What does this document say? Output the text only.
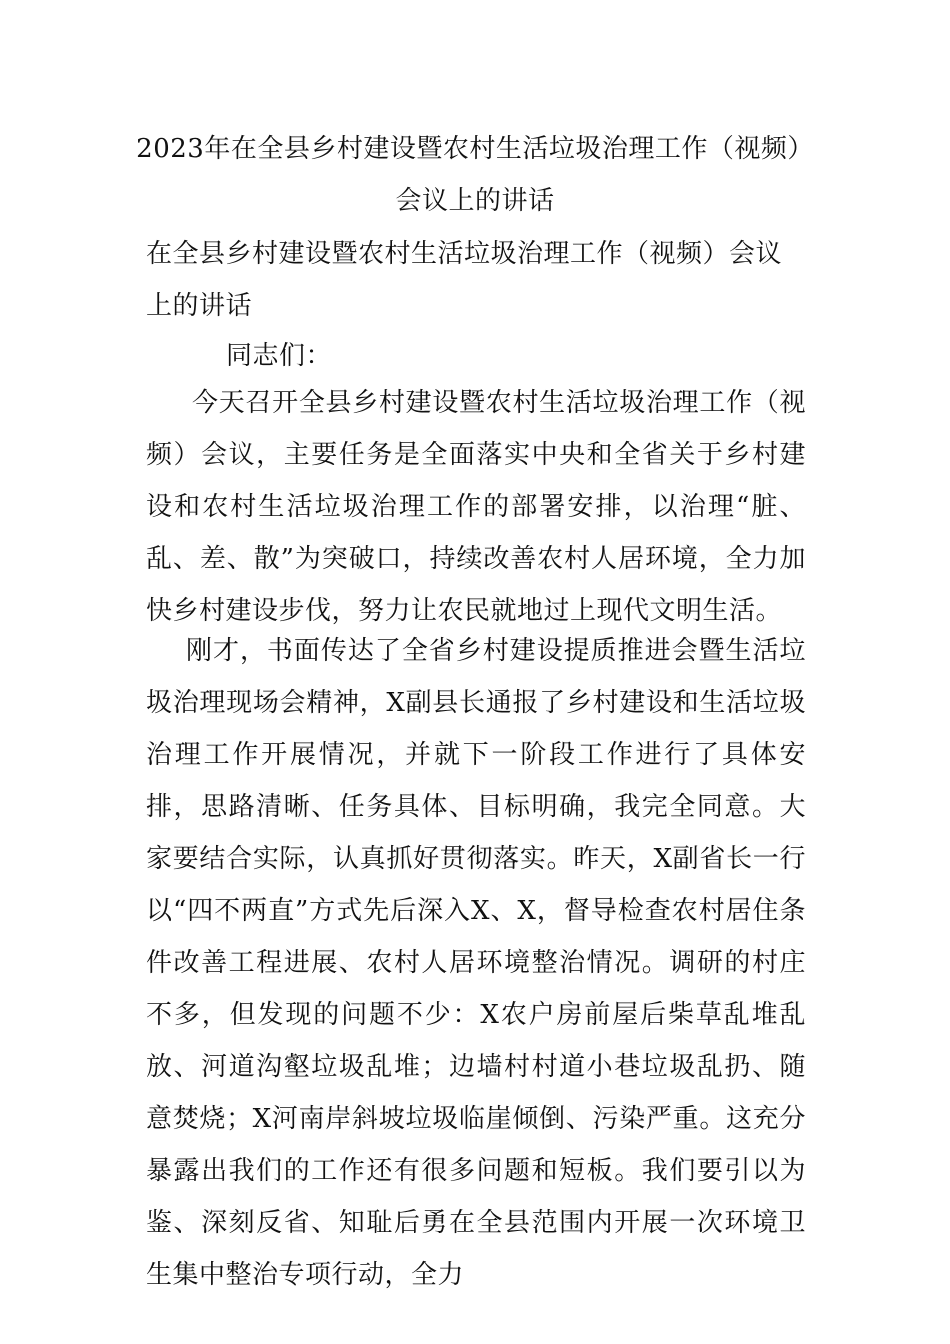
2023年在全县乡村建设暨农村生活垃圾治理工作（视频）会议上的讲话
在全县乡村建设暨农村生活垃圾治理工作（视频）会议上的讲话
同志们：
今天召开全县乡村建设暨农村生活垃圾治理工作（视频）会议，主要任务是全面落实中央和全省关于乡村建设和农村生活垃圾治理工作的部署安排，以治理“脏、乱、差、散”为突破口，持续改善农村人居环境，全力加快乡村建设步伐，努力让农民就地过上现代文明生活。
刚才，书面传达了全省乡村建设提质推进会暨生活垃圾治理现场会精神，X副县长通报了乡村建设和生活垃圾治理工作开展情况，并就下一阶段工作进行了具体安排，思路清晰、任务具体、目标明确，我完全同意。大家要结合实际，认真抓好贯彻落实。昨天，X副省长一行以“四不两直”方式先后深入X、X，督导检查农村居住条件改善工程进展、农村人居环境整治情况。调研的村庄不多，但发现的问题不少：X农户房前屋后柴草乱堆乱放、河道沟壑垃圾乱堆；边墙村村道小巷垃圾乱扔、随意焚烧；X河南岸斜坡垃圾临崖倾倒、污染严重。这充分暴露出我们的工作还有很多问题和短板。我们要引以为鉴、深刻反省、知耻后勇在全县范围内开展一次环境卫生集中整治专项行动，全力
